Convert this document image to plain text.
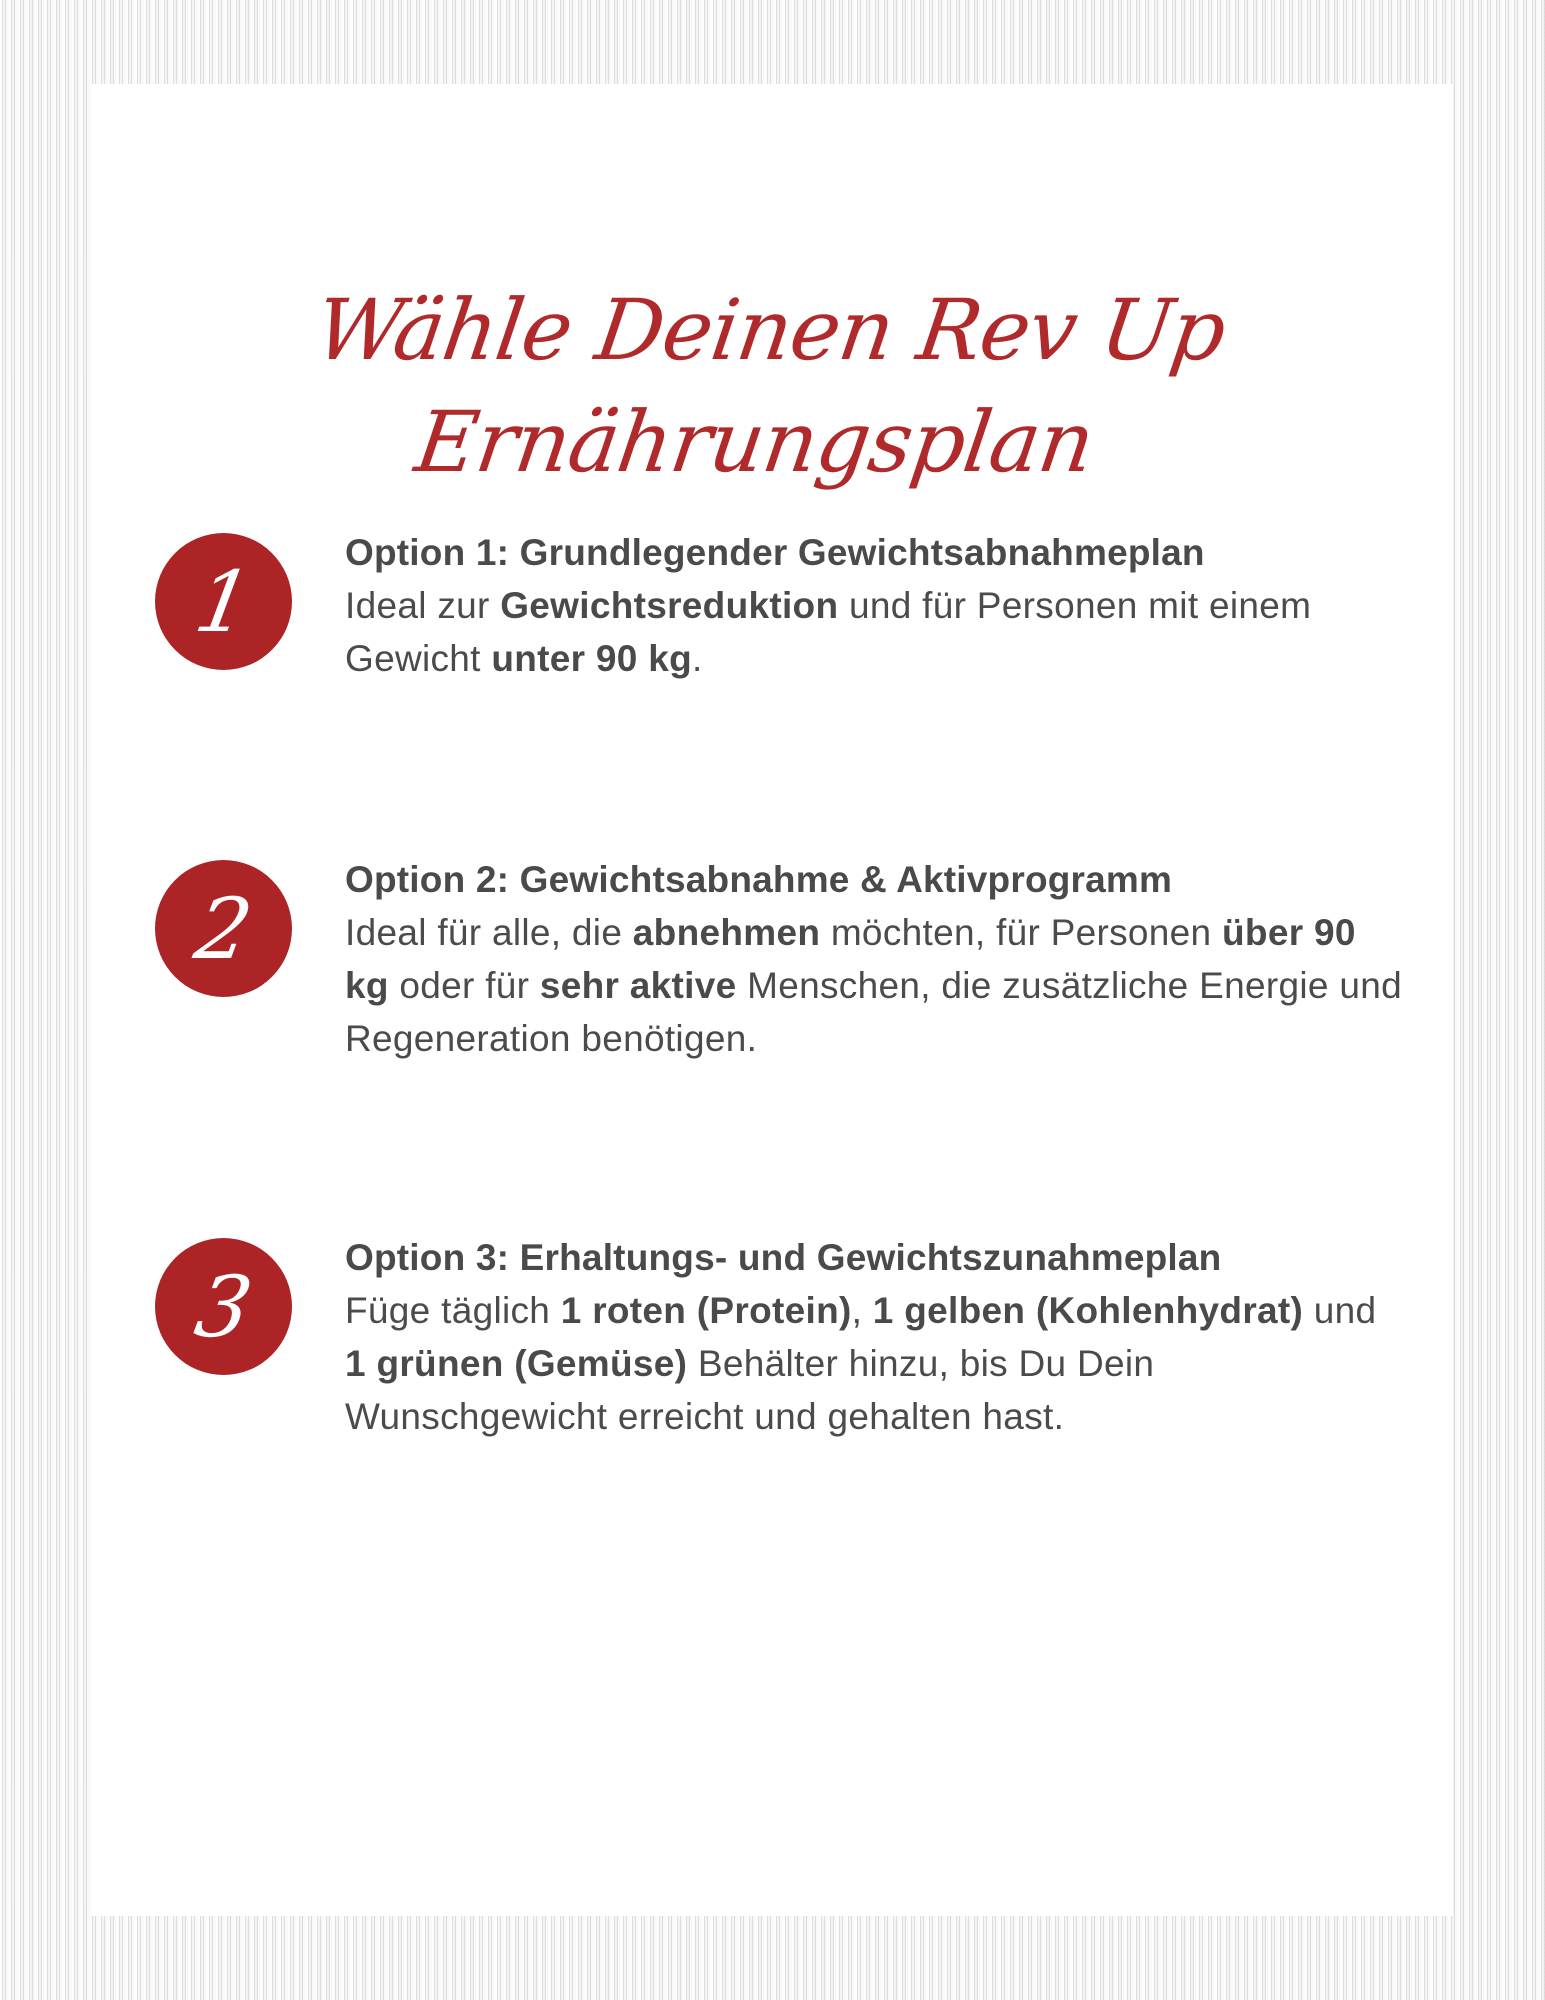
Wähle Deinen Rev Up
Ernährungsplan
1 Option 1: Grundlegender Gewichtsabnahmeplan
Ideal zur Gewichtsreduktion und für Personen mit einem Gewicht unter 90 kg.
2 Option 2: Gewichtsabnahme & Aktivprogramm
Ideal für alle, die abnehmen möchten, für Personen über 90 kg oder für sehr aktive Menschen, die zusätzliche Energie und Regeneration benötigen.
3 Option 3: Erhaltungs- und Gewichtszunahmeplan
Füge täglich 1 roten (Protein), 1 gelben (Kohlenhydrat) und 1 grünen (Gemüse) Behälter hinzu, bis Du Dein Wunschgewicht erreicht und gehalten hast.
